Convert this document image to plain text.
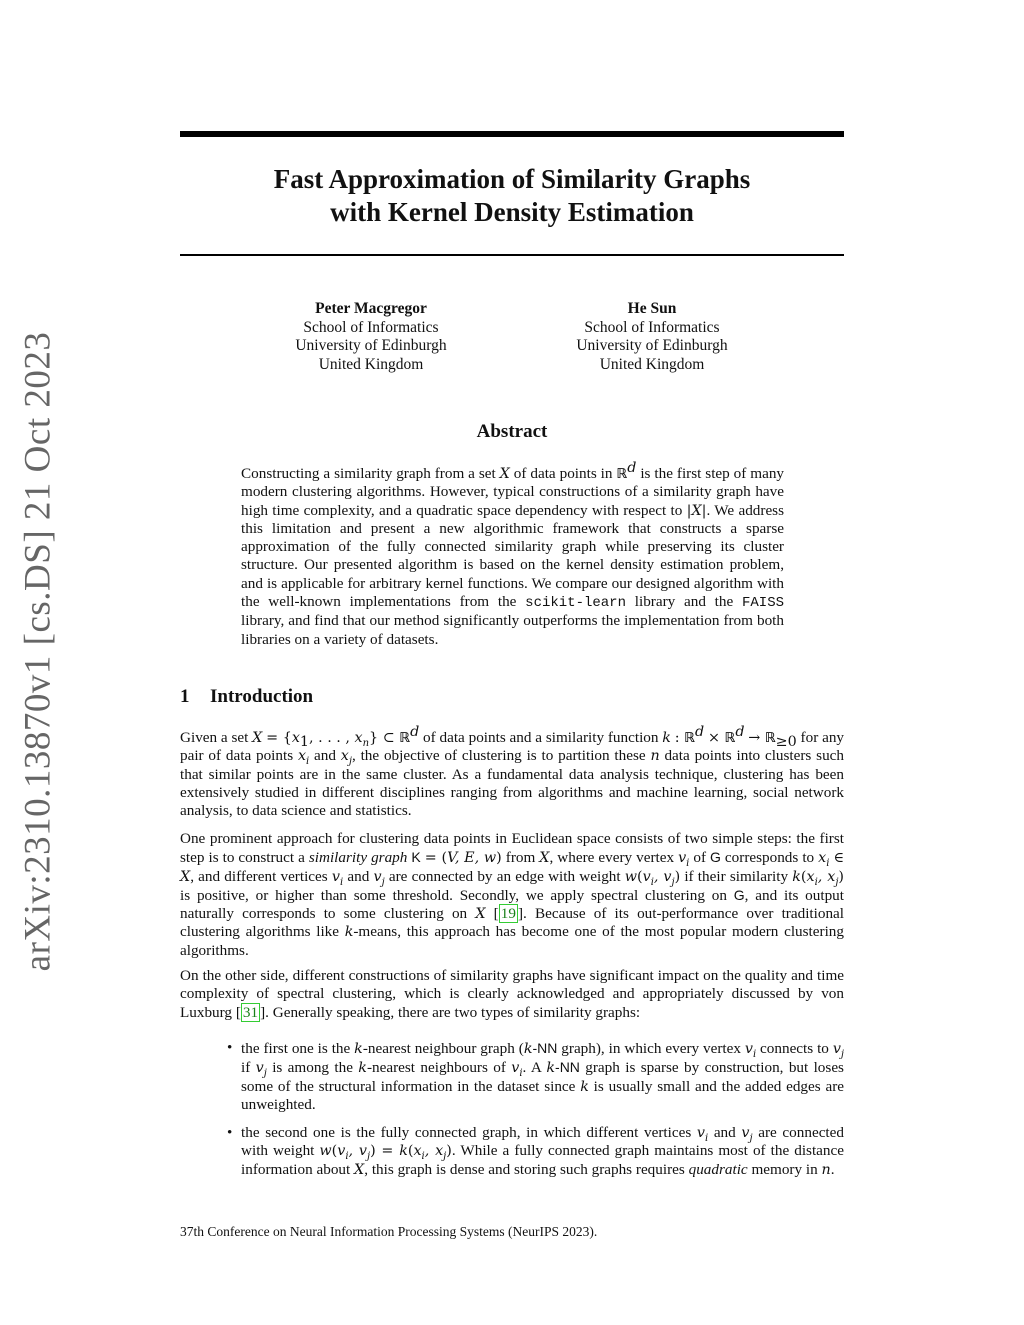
arXiv:2310.13870v1 [cs.DS] 21 Oct 2023
Fast Approximation of Similarity Graphs
with Kernel Density Estimation
Peter Macgregor
School of Informatics
University of Edinburgh
United Kingdom
He Sun
School of Informatics
University of Edinburgh
United Kingdom
Abstract

Constructing a similarity graph from a set X of data points in ℝ$^d$ is the first step of many modern clustering algorithms. However, typical constructions of a similarity graph have high time complexity, and a quadratic space dependency with respect to |X|. We address this limitation and present a new algorithmic framework that constructs a sparse approximation of the fully connected similarity graph while preserving its cluster structure. Our presented algorithm is based on the kernel density estimation problem, and is applicable for arbitrary kernel functions. We compare our designed algorithm with the well-known implementations from the scikit-learn library and the FAISS library, and find that our method significantly outperforms the implementation from both libraries on a variety of datasets.

1 Introduction

Given a set $X = \{x_1$, . . . , $x_n$} ⊂ ℝ$^d$ of data points and a similarity function k : ℝ$^d$ × ℝ$^d$ → ℝ$_{\ge 0}$ for any pair of data points $x_i$ and $x_j$, the objective of clustering is to partition these n data points into clusters such that similar points are in the same cluster. As a fundamental data analysis technique, clustering has been extensively studied in different disciplines ranging from algorithms and machine learning, social network analysis, to data science and statistics.

One prominent approach for clustering data points in Euclidean space consists of two simple steps: the first step is to construct a similarity graph K = (V, E, w) from X, where every vertex $v_i$ of G corresponds to $x_i$ ∈ X, and different vertices $v_i$ and $v_j$ are connected by an edge with weight $w(v_i$, $v_j$) if their similarity $k(x_i$, $x_j$) is positive, or higher than some threshold. Secondly, we apply spectral clustering on G, and its output naturally corresponds to some clustering on X [ 19 ]. Because of its out-performance over traditional clustering algorithms like k-means, this approach has become one of the most popular modern clustering algorithms.

On the other side, different constructions of similarity graphs have significant impact on the quality and time complexity of spectral clustering, which is clearly acknowledged and appropriately discussed by von Luxburg [ 31 ]. Generally speaking, there are two types of similarity graphs:

• the first one is the k-nearest neighbour graph (k-NN graph), in which every vertex $v_i$ connects to $v_j$ if $v_j$ is among the k-nearest neighbours of $v_i$. A k-NN graph is sparse by construction, but loses some of the structural information in the dataset since k is usually small and the added edges are unweighted.
• the second one is the fully connected graph, in which different vertices $v_i$ and $v_j$ are connected with weight $w(v_i$, $v_j) = k(x_i$, $x_j$). While a fully connected graph maintains most of the distance information about X, this graph is dense and storing such graphs requires quadratic memory in n.
37th Conference on Neural Information Processing Systems (NeurIPS 2023).
